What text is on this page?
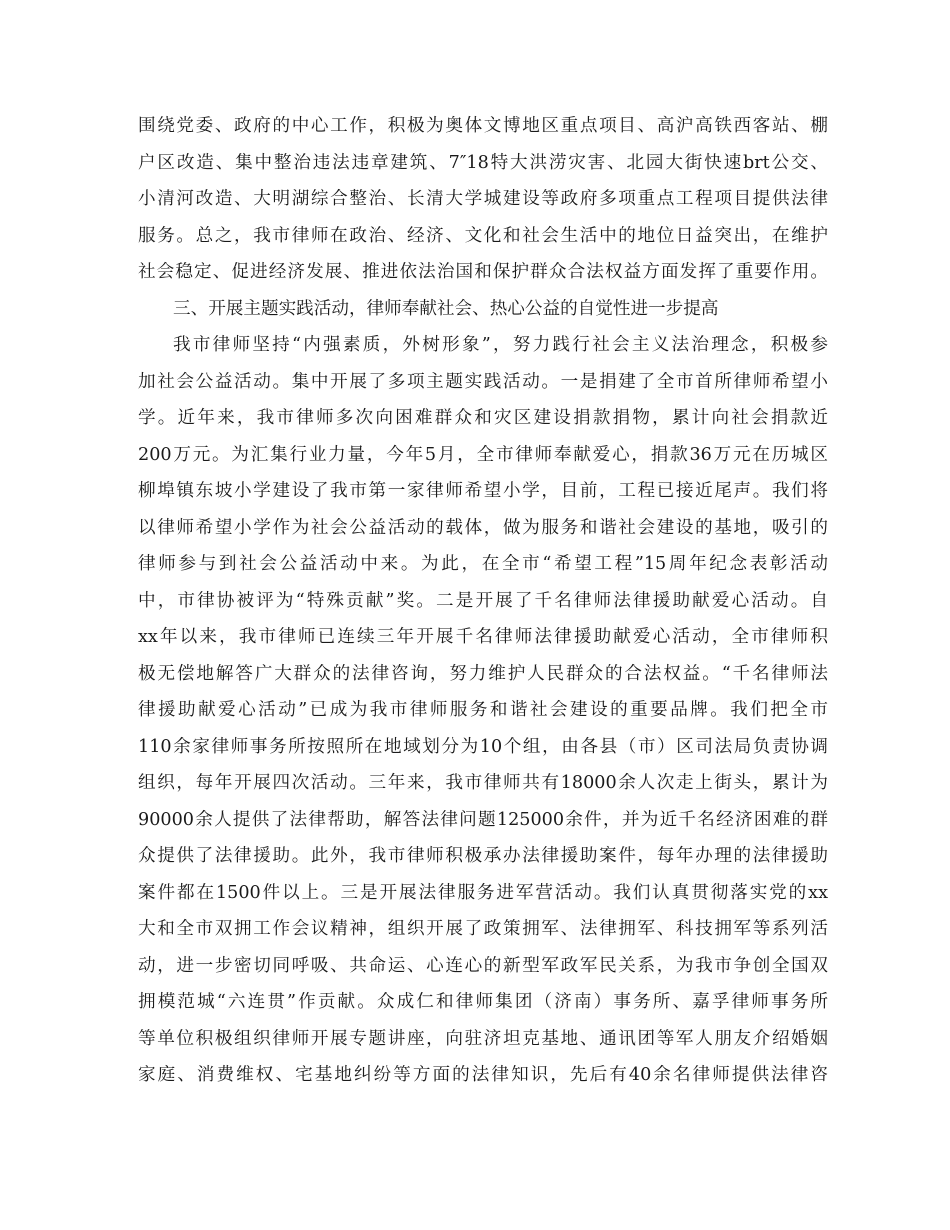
围绕党委、政府的中心工作，积极为奥体文博地区重点项目、高沪高铁西客站、棚
户区改造、集中整治违法违章建筑、7″18特大洪涝灾害、北园大街快速brt公交、
小清河改造、大明湖综合整治、长清大学城建设等政府多项重点工程项目提供法律
服务。总之，我市律师在政治、经济、文化和社会生活中的地位日益突出，在维护
社会稳定、促进经济发展、推进依法治国和保护群众合法权益方面发挥了重要作用。
三、开展主题实践活动，律师奉献社会、热心公益的自觉性进一步提高
我市律师坚持“内强素质，外树形象”，努力践行社会主义法治理念，积极参
加社会公益活动。集中开展了多项主题实践活动。一是捐建了全市首所律师希望小
学。近年来，我市律师多次向困难群众和灾区建设捐款捐物，累计向社会捐款近
200万元。为汇集行业力量，今年5月，全市律师奉献爱心，捐款36万元在历城区
柳埠镇东坡小学建设了我市第一家律师希望小学，目前，工程已接近尾声。我们将
以律师希望小学作为社会公益活动的载体，做为服务和谐社会建设的基地，吸引的
律师参与到社会公益活动中来。为此，在全市“希望工程”15周年纪念表彰活动
中，市律协被评为“特殊贡献”奖。二是开展了千名律师法律援助献爱心活动。自
xx年以来，我市律师已连续三年开展千名律师法律援助献爱心活动，全市律师积
极无偿地解答广大群众的法律咨询，努力维护人民群众的合法权益。“千名律师法
律援助献爱心活动”已成为我市律师服务和谐社会建设的重要品牌。我们把全市
110余家律师事务所按照所在地域划分为10个组，由各县（市）区司法局负责协调
组织，每年开展四次活动。三年来，我市律师共有18000余人次走上街头，累计为
90000余人提供了法律帮助，解答法律问题125000余件，并为近千名经济困难的群
众提供了法律援助。此外，我市律师积极承办法律援助案件，每年办理的法律援助
案件都在1500件以上。三是开展法律服务进军营活动。我们认真贯彻落实党的xx
大和全市双拥工作会议精神，组织开展了政策拥军、法律拥军、科技拥军等系列活
动，进一步密切同呼吸、共命运、心连心的新型军政军民关系，为我市争创全国双
拥模范城“六连贯”作贡献。众成仁和律师集团（济南）事务所、嘉孚律师事务所
等单位积极组织律师开展专题讲座，向驻济坦克基地、通讯团等军人朋友介绍婚姻
家庭、消费维权、宅基地纠纷等方面的法律知识，先后有40余名律师提供法律咨
